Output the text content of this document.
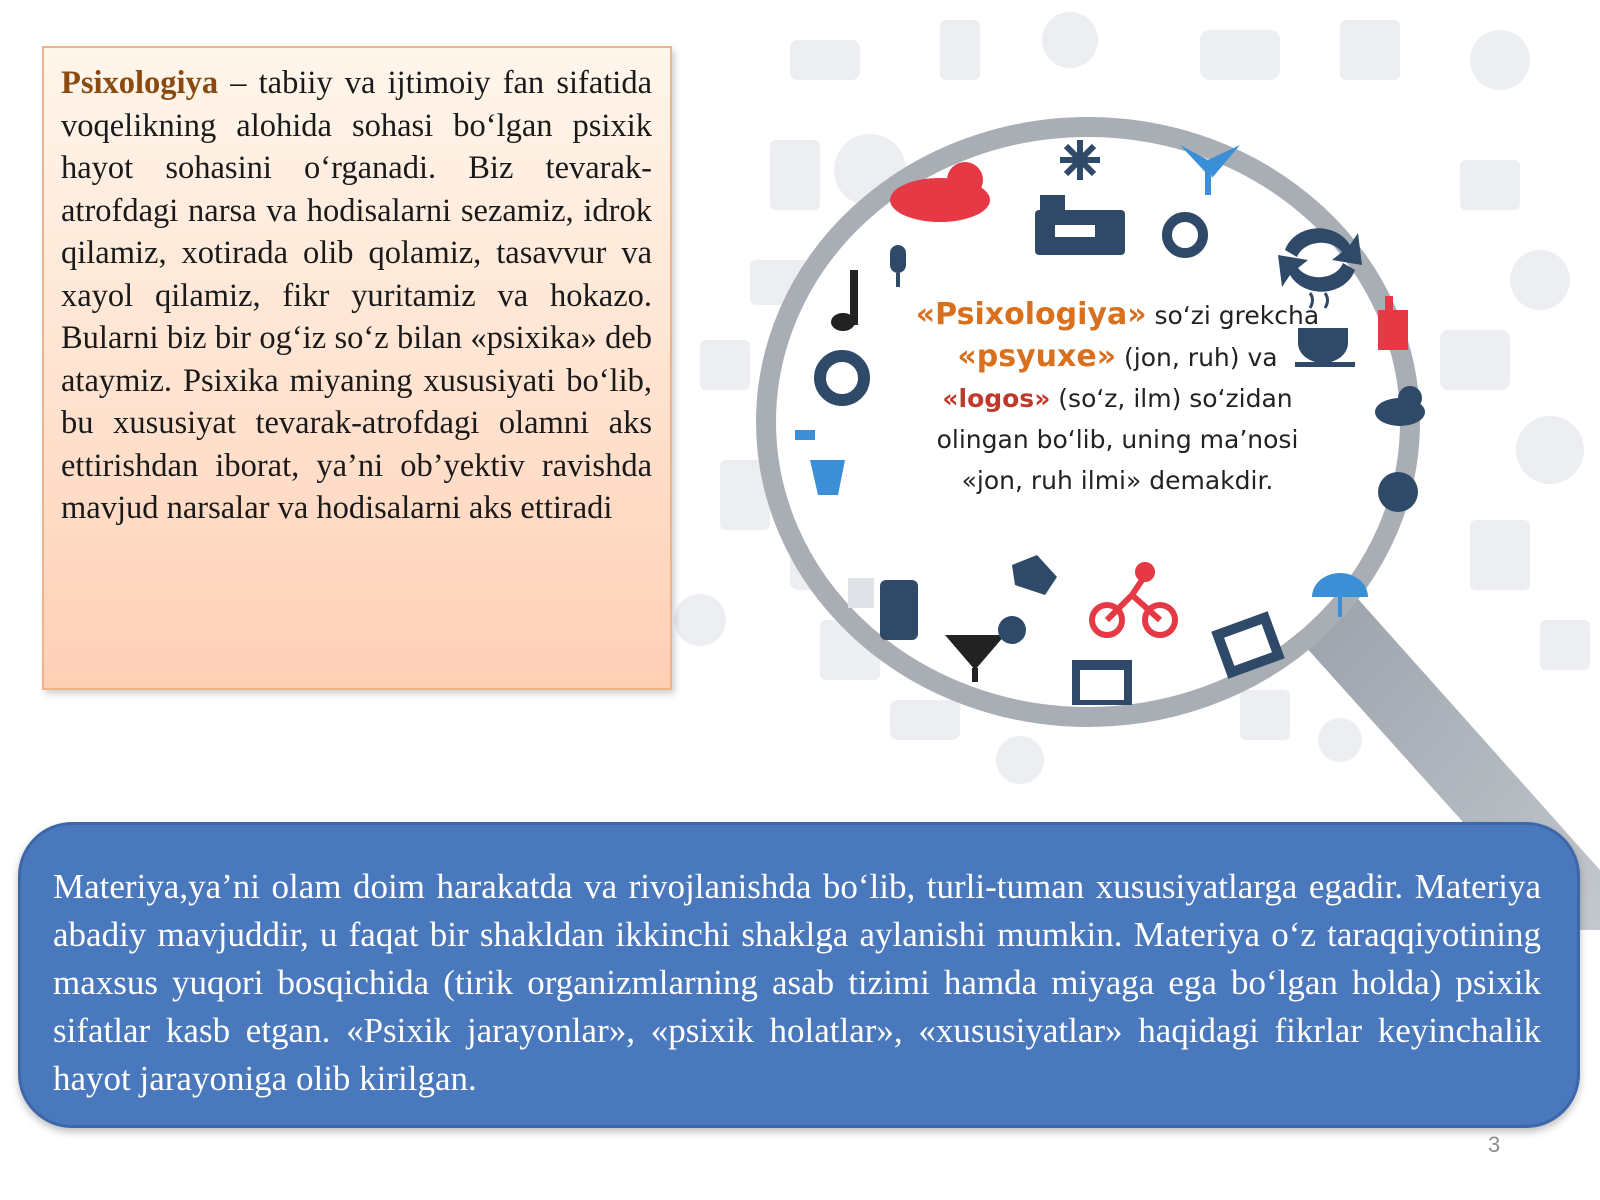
Psixologiya – tabiiy va ijtimoiy fan sifatida voqelikning alohida sohasi bo‘lgan psixik hayot sohasini o‘rganadi. Biz tevarak-atrofdagi narsa va hodisalarni sezamiz, idrok qilamiz, xotirada olib qolamiz, tasavvur va xayol qilamiz, fikr yuritamiz va hokazo. Bularni biz bir og‘iz so‘z bilan «psixika» deb ataymiz. Psixika miyaning xususiyati bo‘lib, bu xususiyat tevarak-atrofdagi olamni aks ettirishdan iborat, ya’ni ob’yektiv ravishda mavjud narsalar va hodisalarni aks ettiradi

«Psixologiya» so‘zi grekcha «psyuxe» (jon, ruh) va «logos» (so‘z, ilm) so‘zidan olingan bo‘lib, uning ma’nosi «jon, ruh ilmi» demakdir.

Materiya,ya’ni olam doim harakatda va rivojlanishda bo‘lib, turli-tuman xususiyatlarga egadir. Materiya abadiy mavjuddir, u faqat bir shakldan ikkinchi shaklga aylanishi mumkin. Materiya o‘z taraqqiyotining maxsus yuqori bosqichida (tirik organizmlarning asab tizimi hamda miyaga ega bo‘lgan holda) psixik sifatlar kasb etgan. «Psixik jarayonlar», «psixik holatlar», «xususiyatlar» haqidagi fikrlar keyinchalik hayot jarayoniga olib kirilgan.

3
